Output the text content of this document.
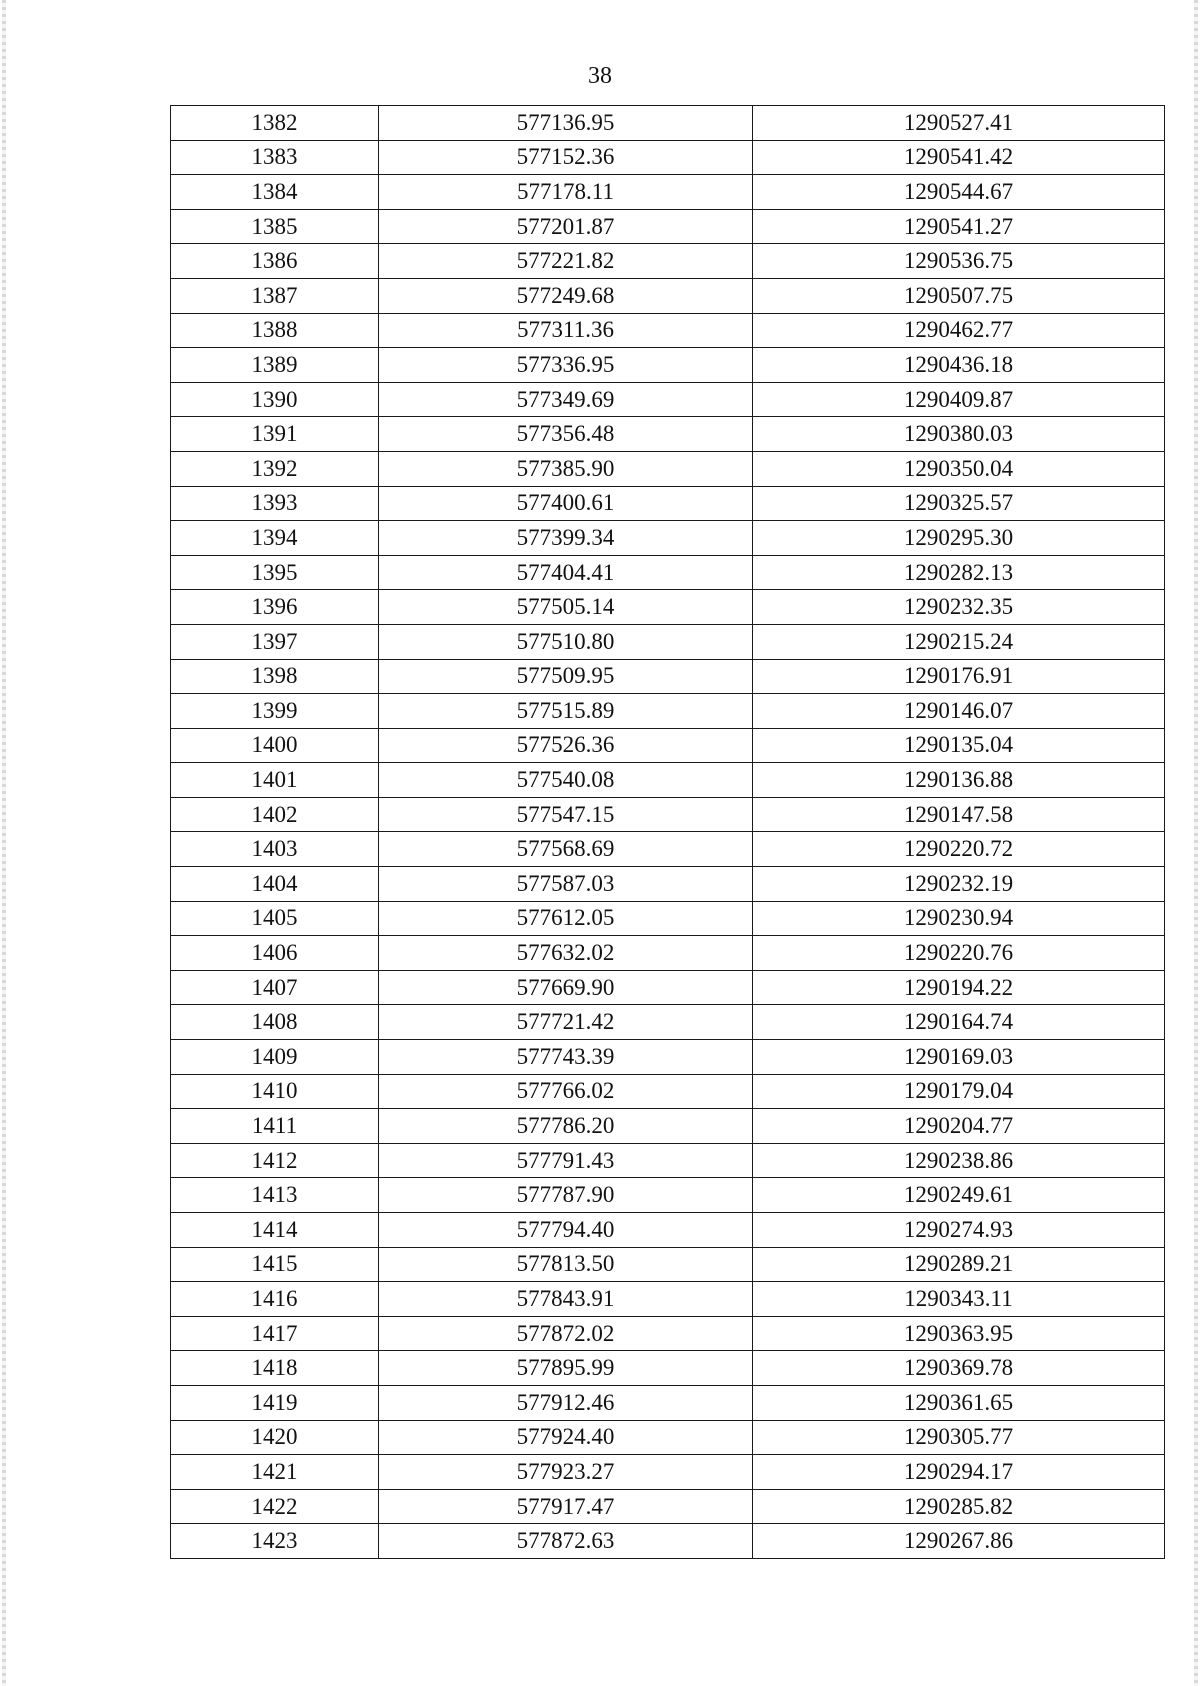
38
1382	577136.95	1290527.41
1383	577152.36	1290541.42
1384	577178.11	1290544.67
1385	577201.87	1290541.27
1386	577221.82	1290536.75
1387	577249.68	1290507.75
1388	577311.36	1290462.77
1389	577336.95	1290436.18
1390	577349.69	1290409.87
1391	577356.48	1290380.03
1392	577385.90	1290350.04
1393	577400.61	1290325.57
1394	577399.34	1290295.30
1395	577404.41	1290282.13
1396	577505.14	1290232.35
1397	577510.80	1290215.24
1398	577509.95	1290176.91
1399	577515.89	1290146.07
1400	577526.36	1290135.04
1401	577540.08	1290136.88
1402	577547.15	1290147.58
1403	577568.69	1290220.72
1404	577587.03	1290232.19
1405	577612.05	1290230.94
1406	577632.02	1290220.76
1407	577669.90	1290194.22
1408	577721.42	1290164.74
1409	577743.39	1290169.03
1410	577766.02	1290179.04
1411	577786.20	1290204.77
1412	577791.43	1290238.86
1413	577787.90	1290249.61
1414	577794.40	1290274.93
1415	577813.50	1290289.21
1416	577843.91	1290343.11
1417	577872.02	1290363.95
1418	577895.99	1290369.78
1419	577912.46	1290361.65
1420	577924.40	1290305.77
1421	577923.27	1290294.17
1422	577917.47	1290285.82
1423	577872.63	1290267.86
